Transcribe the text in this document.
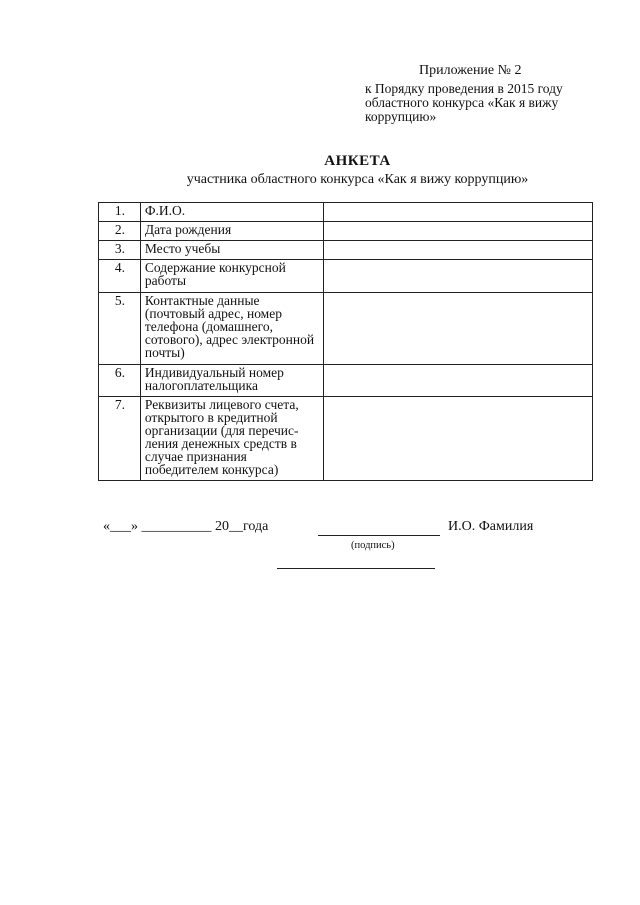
Приложение № 2
к Порядку проведения в 2015 году
областного конкурса «Как я вижу
коррупцию»
АНКЕТА
участника областного конкурса «Как я вижу коррупцию»
1.	Ф.И.О.	
2.	Дата рождения	
3.	Место учебы	
4.	Содержание конкурсной работы	
5.	Контактные данные (почтовый адрес, номер телефона (домашнего, сотового), адрес электронной почты)	
6.	Индивидуальный номер налогоплательщика	
7.	Реквизиты лицевого счета, открытого в кредитной организации (для перечис-ления денежных средств в случае признания победителем конкурса)	
«___» __________ 20__года	И.О. Фамилия
(подпись)
